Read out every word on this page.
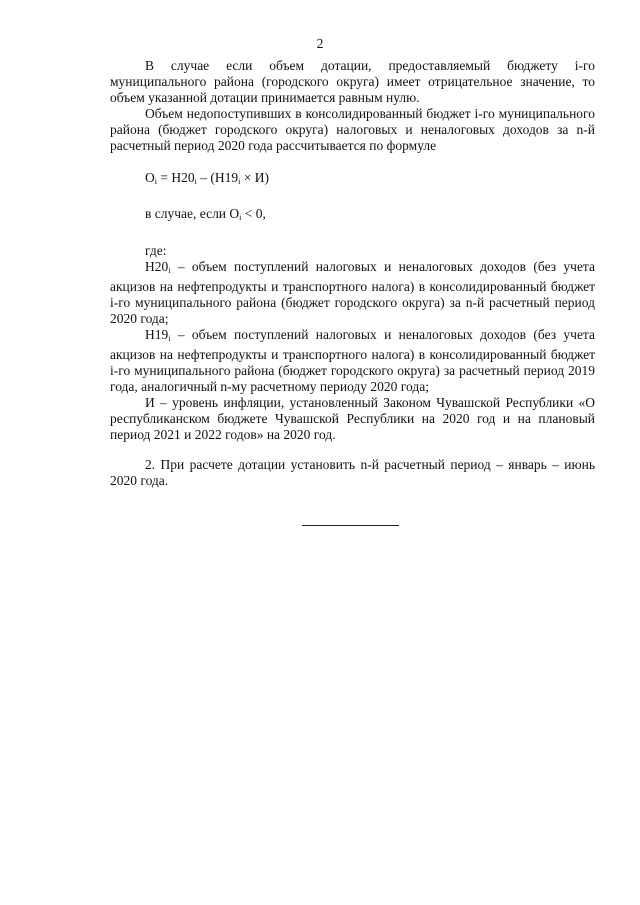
2

В случае если объем дотации, предоставляемый бюджету i-го муниципального района (городского округа) имеет отрицательное значение, то объем указанной дотации принимается равным нулю.

Объем недопоступивших в консолидированный бюджет i-го муниципального района (бюджет городского округа) налоговых и неналоговых доходов за n-й расчетный период 2020 года рассчитывается по формуле

$О_i = Н20_i - (Н19_i \times И)$

в случае, если $О_i < 0$,

где:

$Н20_i$ – объем поступлений налоговых и неналоговых доходов (без учета акцизов на нефтепродукты и транспортного налога) в консолидированный бюджет i-го муниципального района (бюджет городского округа) за n-й расчетный период 2020 года;

$Н19_i$ – объем поступлений налоговых и неналоговых доходов (без учета акцизов на нефтепродукты и транспортного налога) в консолидированный бюджет i-го муниципального района (бюджет городского округа) за расчетный период 2019 года, аналогичный n-му расчетному периоду 2020 года;

И – уровень инфляции, установленный Законом Чувашской Республики «О республиканском бюджете Чувашской Республики на 2020 год и на плановый период 2021 и 2022 годов» на 2020 год.

2. При расчете дотации установить n-й расчетный период – январь – июнь 2020 года.
